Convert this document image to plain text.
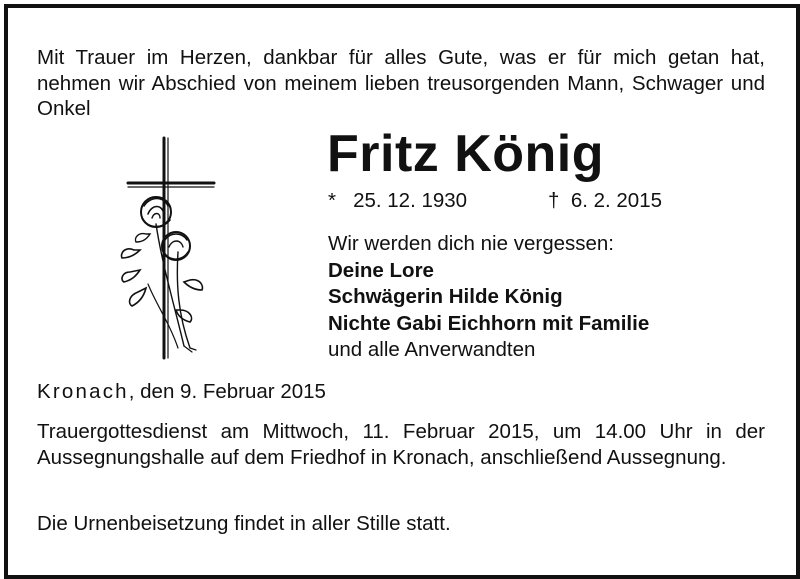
Mit Trauer im Herzen, dankbar für alles Gute, was er für mich getan hat, nehmen wir Abschied von meinem lieben treusorgenden Mann, Schwager und Onkel

Fritz König
* 25. 12. 1930	† 6. 2. 2015
Wir werden dich nie vergessen:
Deine Lore
Schwägerin Hilde König
Nichte Gabi Eichhorn mit Familie
und alle Anverwandten

Kronach, den 9. Februar 2015

Trauergottesdienst am Mittwoch, 11. Februar 2015, um 14.00 Uhr in der Aussegnungshalle auf dem Friedhof in Kronach, anschließend Aussegnung.

Die Urnenbeisetzung findet in aller Stille statt.
